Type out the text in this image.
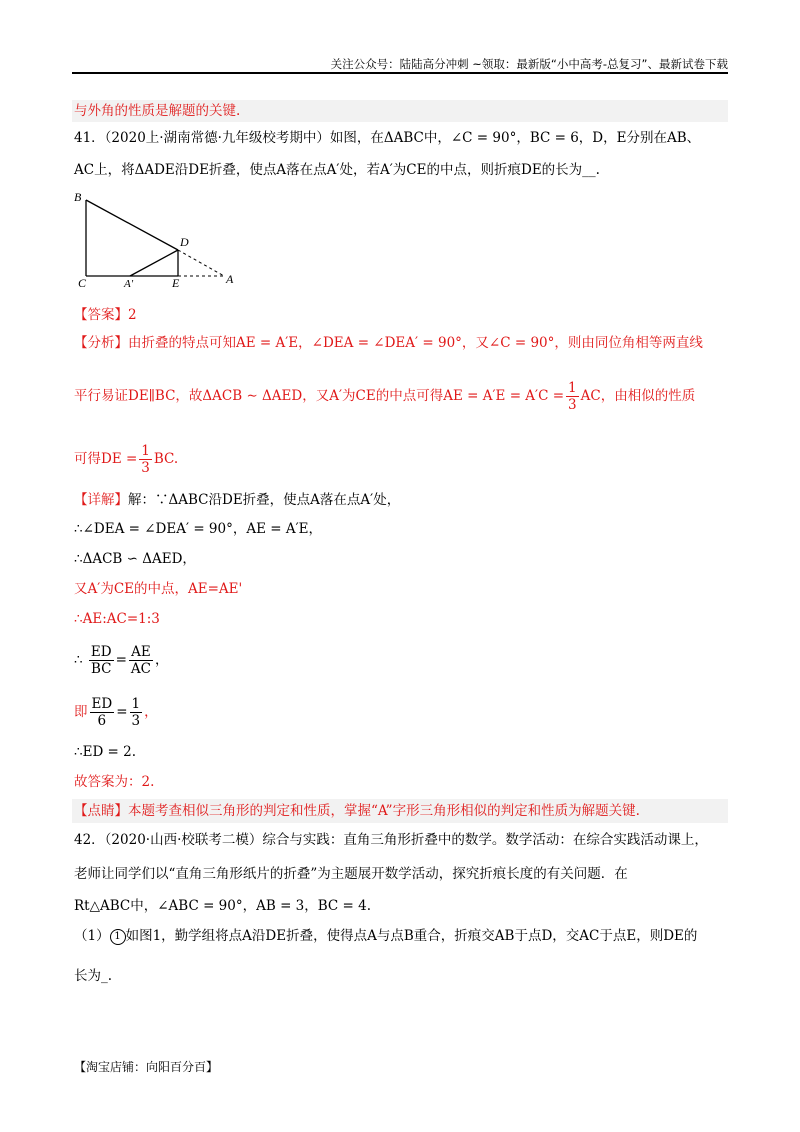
关注公众号：陆陆高分冲刺 ~领取：最新版“小中高考-总复习”、最新试卷下载
与外角的性质是解题的关键.
41．（2020上·湖南常德·九年级校考期中）如图，在ΔABC中，∠C = 90°，BC = 6，D，E分别在AB、
AC上，将ΔADE沿DE折叠，使点A落在点A′处，若A′为CE的中点，则折痕DE的长为__.
B
D
C	A'	E	A
【答案】2
【分析】由折叠的特点可知AE = A′E，∠DEA = ∠DEA′ = 90°，又∠C = 90°，则由同位角相等两直线
平行易证DE∥BC，故ΔACB ∼ ΔAED，又A′为CE的中点可得AE = $A'E = A'C = \frac{1}{3}$ AC，由相似的性质
可得DE = $\frac{1}{3}$ BC.
【详解】解：∵ΔABC沿DE折叠，使点A落在点A′处，
∴∠DEA = ∠DEA′ = 90°，AE = A′E，
∴ΔACB ∽ ΔAED，
又A′为CE的中点，AE=AE'
∴AE:AC=1:3
∴ $\frac{ED}{BC} = \frac{AE}{AC}$ ，
即 $\frac{ED}{6} = \frac{1}{3}$ ，
∴ED = 2.
故答案为：2.
【点睛】本题考查相似三角形的判定和性质，掌握“A”字形三角形相似的判定和性质为解题关键.
42．（2020·山西·校联考二模）综合与实践：直角三角形折叠中的数学。数学活动：在综合实践活动课上，
老师让同学们以“直角三角形纸片的折叠”为主题展开数学活动，探究折痕长度的有关问题．在
Rt△ABC中，∠ABC = 90°，AB = 3，BC = 4.
（1） 1 如图1，勤学组将点A沿DE折叠，使得点A与点B重合，折痕交AB于点D，交AC于点E，则DE的
长为_.
【淘宝店铺：向阳百分百】
